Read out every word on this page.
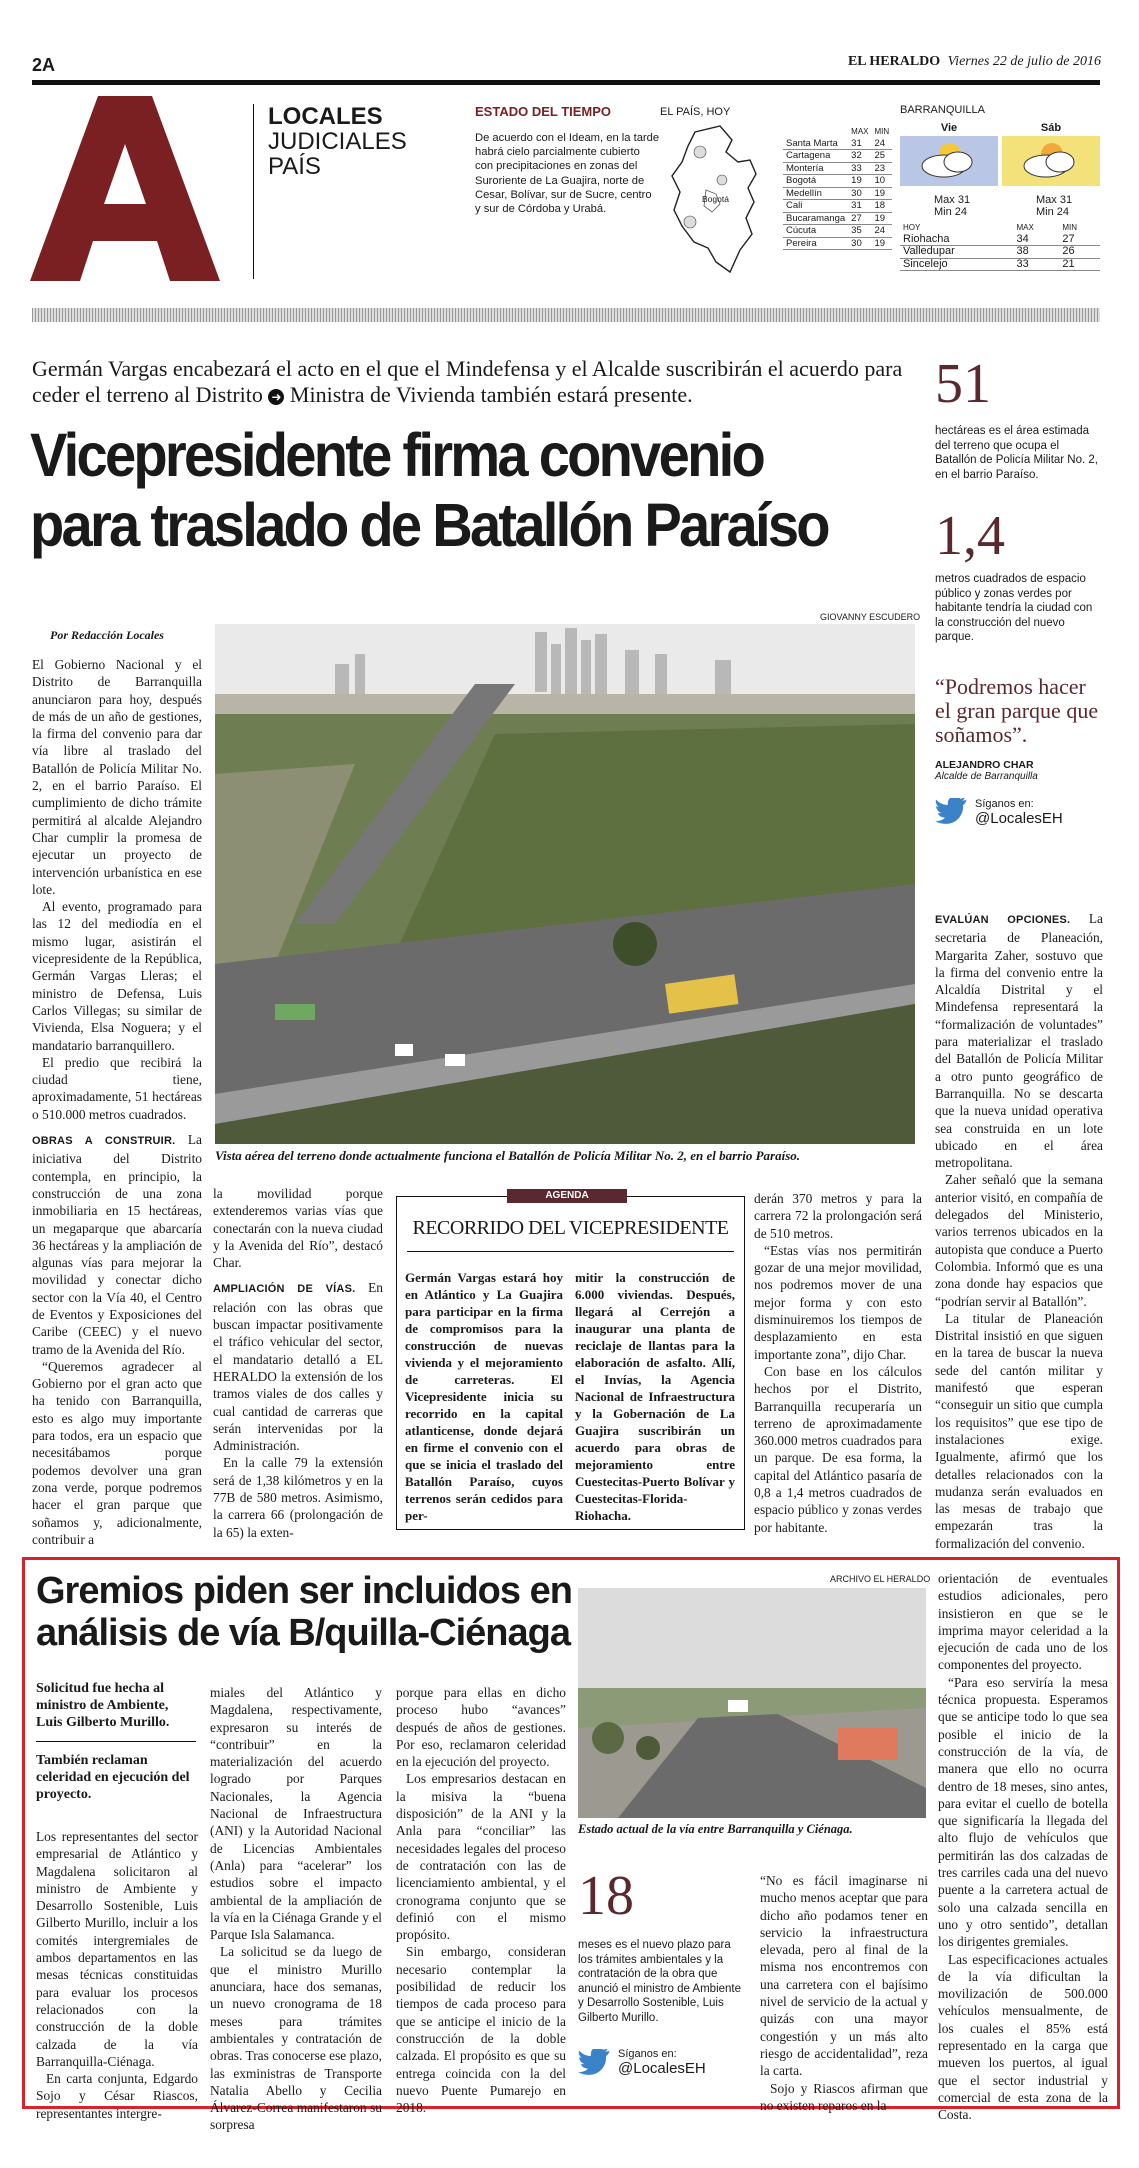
2A	EL HERALDO Viernes 22 de julio de 2016
LOCALES
JUDICIALES
PAÍS
ESTADO DEL TIEMPO
De acuerdo con el Ideam, en la tarde habrá cielo parcialmente cubierto con precipitaciones en zonas del Suroriente de La Guajira, norte de Cesar, Bolívar, sur de Sucre, centro y sur de Córdoba y Urabá.
EL PAÍS, HOY
Bogotá
	MAX	MIN
Santa Marta	31	24
Cartagena	32	25
Montería	33	23
Bogotá	19	10
Medellín	30	19
Cali	31	18
Bucaramanga	27	19
Cúcuta	35	24
Pereira	30	19
BARRANQUILLA
Vie	Sáb
Max 31
Min 24
Max 31
Min 24
HOY	MAX	MIN
Riohacha	34	27
Valledupar	38	26
Sincelejo	33	21
Germán Vargas encabezará el acto en el que el Mindefensa y el Alcalde suscribirán el acuerdo para ceder el terreno al Distrito ➜ Ministra de Vivienda también estará presente.
Vicepresidente firma convenio
para traslado de Batallón Paraíso
Por Redacción Locales
GIOVANNY ESCUDERO
Vista aérea del terreno donde actualmente funciona el Batallón de Policía Militar No. 2, en el barrio Paraíso.

El Gobierno Nacional y el Distrito de Barranquilla anunciaron para hoy, después de más de un año de gestiones, la firma del convenio para dar vía libre al traslado del Batallón de Policía Militar No. 2, en el barrio Paraíso. El cumplimiento de dicho trámite permitirá al alcalde Alejandro Char cumplir la promesa de ejecutar un proyecto de intervención urbanística en ese lote.

Al evento, programado para las 12 del mediodía en el mismo lugar, asistirán el vicepresidente de la República, Germán Vargas Lleras; el ministro de Defensa, Luis Carlos Villegas; su similar de Vivienda, Elsa Noguera; y el mandatario barranquillero.

El predio que recibirá la ciudad tiene, aproximadamente, 51 hectáreas o 510.000 metros cuadrados.

OBRAS A CONSTRUIR. La iniciativa del Distrito contempla, en principio, la construcción de una zona inmobiliaria en 15 hectáreas, un megaparque que abarcaría 36 hectáreas y la ampliación de algunas vías para mejorar la movilidad y conectar dicho sector con la Vía 40, el Centro de Eventos y Exposiciones del Caribe (CEEC) y el nuevo tramo de la Avenida del Río.

“Queremos agradecer al Gobierno por el gran acto que ha tenido con Barranquilla, esto es algo muy importante para todos, era un espacio que necesitábamos porque podemos devolver una gran zona verde, porque podremos hacer el gran parque que soñamos y, adicionalmente, contribuir a

la movilidad porque extenderemos varias vías que conectarán con la nueva ciudad y la Avenida del Río”, destacó Char.

AMPLIACIÓN DE VÍAS. En relación con las obras que buscan impactar positivamente el tráfico vehicular del sector, el mandatario detalló a EL HERALDO la extensión de los tramos viales de dos calles y cual cantidad de carreras que serán intervenidas por la Administración.

En la calle 79 la extensión será de 1,38 kilómetros y en la 77B de 580 metros. Asimismo, la carrera 66 (prolongación de la 65) la exten-

AGENDA
RECORRIDO DEL VICEPRESIDENTE
Germán Vargas estará hoy en Atlántico y La Guajira para participar en la firma de compromisos para la construcción de nuevas vivienda y el mejoramiento de carreteras. El Vicepresidente inicia su recorrido en la capital atlanticense, donde dejará en firme el convenio con el que se inicia el traslado del Batallón Paraíso, cuyos terrenos serán cedidos para per-
mitir la construcción de 6.000 viviendas. Después, llegará al Cerrejón a inaugurar una planta de reciclaje de llantas para la elaboración de asfalto. Allí, el Invías, la Agencia Nacional de Infraestructura y la Gobernación de La Guajira suscribirán un acuerdo para obras de mejoramiento entre Cuestecitas-Puerto Bolívar y Cuestecitas-Florida-Riohacha.

derán 370 metros y para la carrera 72 la prolongación será de 510 metros.

“Estas vías nos permitirán gozar de una mejor movilidad, nos podremos mover de una mejor forma y con esto disminuiremos los tiempos de desplazamiento en esta importante zona”, dijo Char.

Con base en los cálculos hechos por el Distrito, Barranquilla recuperaría un terreno de aproximadamente 360.000 metros cuadrados para un parque. De esa forma, la capital del Atlántico pasaría de 0,8 a 1,4 metros cuadrados de espacio público y zonas verdes por habitante.

51
hectáreas es el área estimada del terreno que ocupa el Batallón de Policía Militar No. 2, en el barrio Paraíso.
1,4
metros cuadrados de espacio público y zonas verdes por habitante tendría la ciudad con la construcción del nuevo parque.
“Podremos hacer el gran parque que soñamos”.
ALEJANDRO CHAR
Alcalde de Barranquilla
Síganos en:
@LocalesEH

EVALÚAN OPCIONES. La secretaria de Planeación, Margarita Zaher, sostuvo que la firma del convenio entre la Alcaldía Distrital y el Mindefensa representará la “formalización de voluntades” para materializar el traslado del Batallón de Policía Militar a otro punto geográfico de Barranquilla. No se descarta que la nueva unidad operativa sea construida en un lote ubicado en el área metropolitana.

Zaher señaló que la semana anterior visitó, en compañía de delegados del Ministerio, varios terrenos ubicados en la autopista que conduce a Puerto Colombia. Informó que es una zona donde hay espacios que “podrían servir al Batallón”.

La titular de Planeación Distrital insistió en que siguen en la tarea de buscar la nueva sede del cantón militar y manifestó que esperan “conseguir un sitio que cumpla los requisitos” que ese tipo de instalaciones exige. Igualmente, afirmó que los detalles relacionados con la mudanza serán evaluados en las mesas de trabajo que empezarán tras la formalización del convenio.

Gremios piden ser incluidos en
análisis de vía B/quilla-Ciénaga
Solicitud fue hecha al ministro de Ambiente, Luis Gilberto Murillo.
También reclaman celeridad en ejecución del proyecto.

Los representantes del sector empresarial de Atlántico y Magdalena solicitaron al ministro de Ambiente y Desarrollo Sostenible, Luis Gilberto Murillo, incluir a los comités intergremiales de ambos departamentos en las mesas técnicas constituidas para evaluar los procesos relacionados con la construcción de la doble calzada de la vía Barranquilla-Ciénaga.

En carta conjunta, Edgardo Sojo y César Riascos, representantes intergre-

miales del Atlántico y Magdalena, respectivamente, expresaron su interés de “contribuir” en la materialización del acuerdo logrado por Parques Nacionales, la Agencia Nacional de Infraestructura (ANI) y la Autoridad Nacional de Licencias Ambientales (Anla) para “acelerar” los estudios sobre el impacto ambiental de la ampliación de la vía en la Ciénaga Grande y el Parque Isla Salamanca.

La solicitud se da luego de que el ministro Murillo anunciara, hace dos semanas, un nuevo cronograma de 18 meses para trámites ambientales y contratación de obras. Tras conocerse ese plazo, las exministras de Transporte Natalia Abello y Cecilia Álvarez-Correa manifestaron su sorpresa

porque para ellas en dicho proceso hubo “avances” después de años de gestiones. Por eso, reclamaron celeridad en la ejecución del proyecto.

Los empresarios destacan en la misiva la “buena disposición” de la ANI y la Anla para “conciliar” las necesidades legales del proceso de contratación con las de licenciamiento ambiental, y el cronograma conjunto que se definió con el mismo propósito.

Sin embargo, consideran necesario contemplar la posibilidad de reducir los tiempos de cada proceso para que se anticipe el inicio de la construcción de la doble calzada. El propósito es que su entrega coincida con la del nuevo Puente Pumarejo en 2018.

ARCHIVO EL HERALDO
Estado actual de la vía entre Barranquilla y Ciénaga.
18
meses es el nuevo plazo para los trámites ambientales y la contratación de la obra que anunció el ministro de Ambiente y Desarrollo Sostenible, Luis Gilberto Murillo.
Síganos en:
@LocalesEH

“No es fácil imaginarse ni mucho menos aceptar que para dicho año podamos tener en servicio la infraestructura elevada, pero al final de la misma nos encontremos con una carretera con el bajísimo nivel de servicio de la actual y quizás con una mayor congestión y un más alto riesgo de accidentalidad”, reza la carta.

Sojo y Riascos afirman que no existen reparos en la

orientación de eventuales estudios adicionales, pero insistieron en que se le imprima mayor celeridad a la ejecución de cada uno de los componentes del proyecto.

“Para eso serviría la mesa técnica propuesta. Esperamos que se anticipe todo lo que sea posible el inicio de la construcción de la vía, de manera que ello no ocurra dentro de 18 meses, sino antes, para evitar el cuello de botella que significaría la llegada del alto flujo de vehículos que permitirán las dos calzadas de tres carriles cada una del nuevo puente a la carretera actual de solo una calzada sencilla en uno y otro sentido”, detallan los dirigentes gremiales.

Las especificaciones actuales de la vía dificultan la movilización de 500.000 vehículos mensualmente, de los cuales el 85% está representado en la carga que mueven los puertos, al igual que el sector industrial y comercial de esta zona de la Costa.
